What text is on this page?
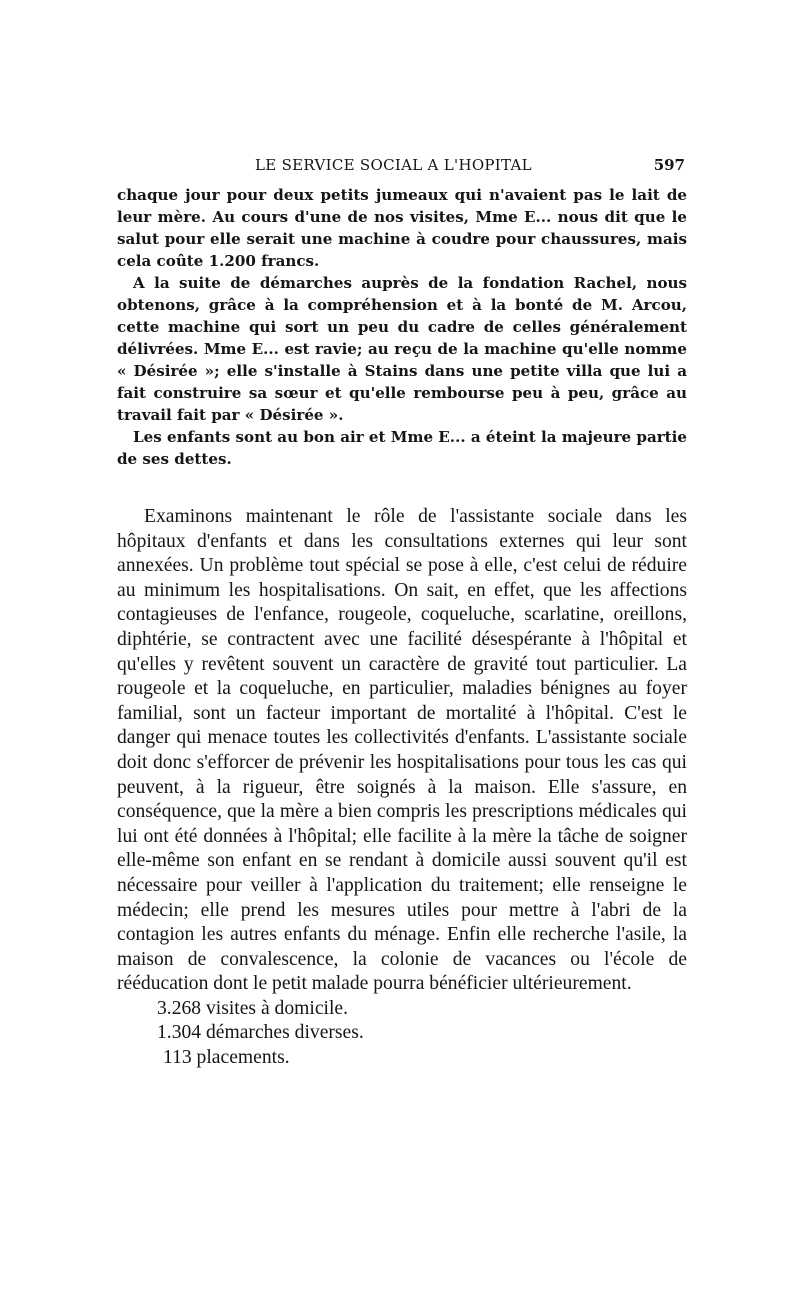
LE SERVICE SOCIAL A L'HOPITAL	597

chaque jour pour deux petits jumeaux qui n'avaient pas le lait de leur mère. Au cours d'une de nos visites, Mme E... nous dit que le salut pour elle serait une machine à coudre pour chaussures, mais cela coûte 1.200 francs.

A la suite de démarches auprès de la fondation Rachel, nous obtenons, grâce à la compréhension et à la bonté de M. Arcou, cette machine qui sort un peu du cadre de celles généralement délivrées. Mme E... est ravie; au reçu de la machine qu'elle nomme « Désirée »; elle s'installe à Stains dans une petite villa que lui a fait construire sa sœur et qu'elle rembourse peu à peu, grâce au travail fait par « Désirée ».

Les enfants sont au bon air et Mme E... a éteint la majeure partie de ses dettes.

Examinons maintenant le rôle de l'assistante sociale dans les hôpitaux d'enfants et dans les consultations externes qui leur sont annexées. Un problème tout spécial se pose à elle, c'est celui de réduire au minimum les hospitalisations. On sait, en effet, que les affections contagieuses de l'enfance, rougeole, coqueluche, scarlatine, oreillons, diphtérie, se contractent avec une facilité désespérante à l'hôpital et qu'elles y revêtent souvent un caractère de gravité tout particulier. La rougeole et la coqueluche, en particulier, maladies bénignes au foyer familial, sont un facteur important de mortalité à l'hôpital. C'est le danger qui menace toutes les collectivités d'enfants. L'assistante sociale doit donc s'efforcer de prévenir les hospitalisations pour tous les cas qui peuvent, à la rigueur, être soignés à la maison. Elle s'assure, en conséquence, que la mère a bien compris les prescriptions médicales qui lui ont été données à l'hôpital; elle facilite à la mère la tâche de soigner elle-même son enfant en se rendant à domicile aussi souvent qu'il est nécessaire pour veiller à l'application du traitement; elle renseigne le médecin; elle prend les mesures utiles pour mettre à l'abri de la contagion les autres enfants du ménage. Enfin elle recherche l'asile, la maison de convalescence, la colonie de vacances ou l'école de rééducation dont le petit malade pourra bénéficier ultérieurement.

3.268 visites à domicile.
1.304 démarches diverses.
113 placements.
